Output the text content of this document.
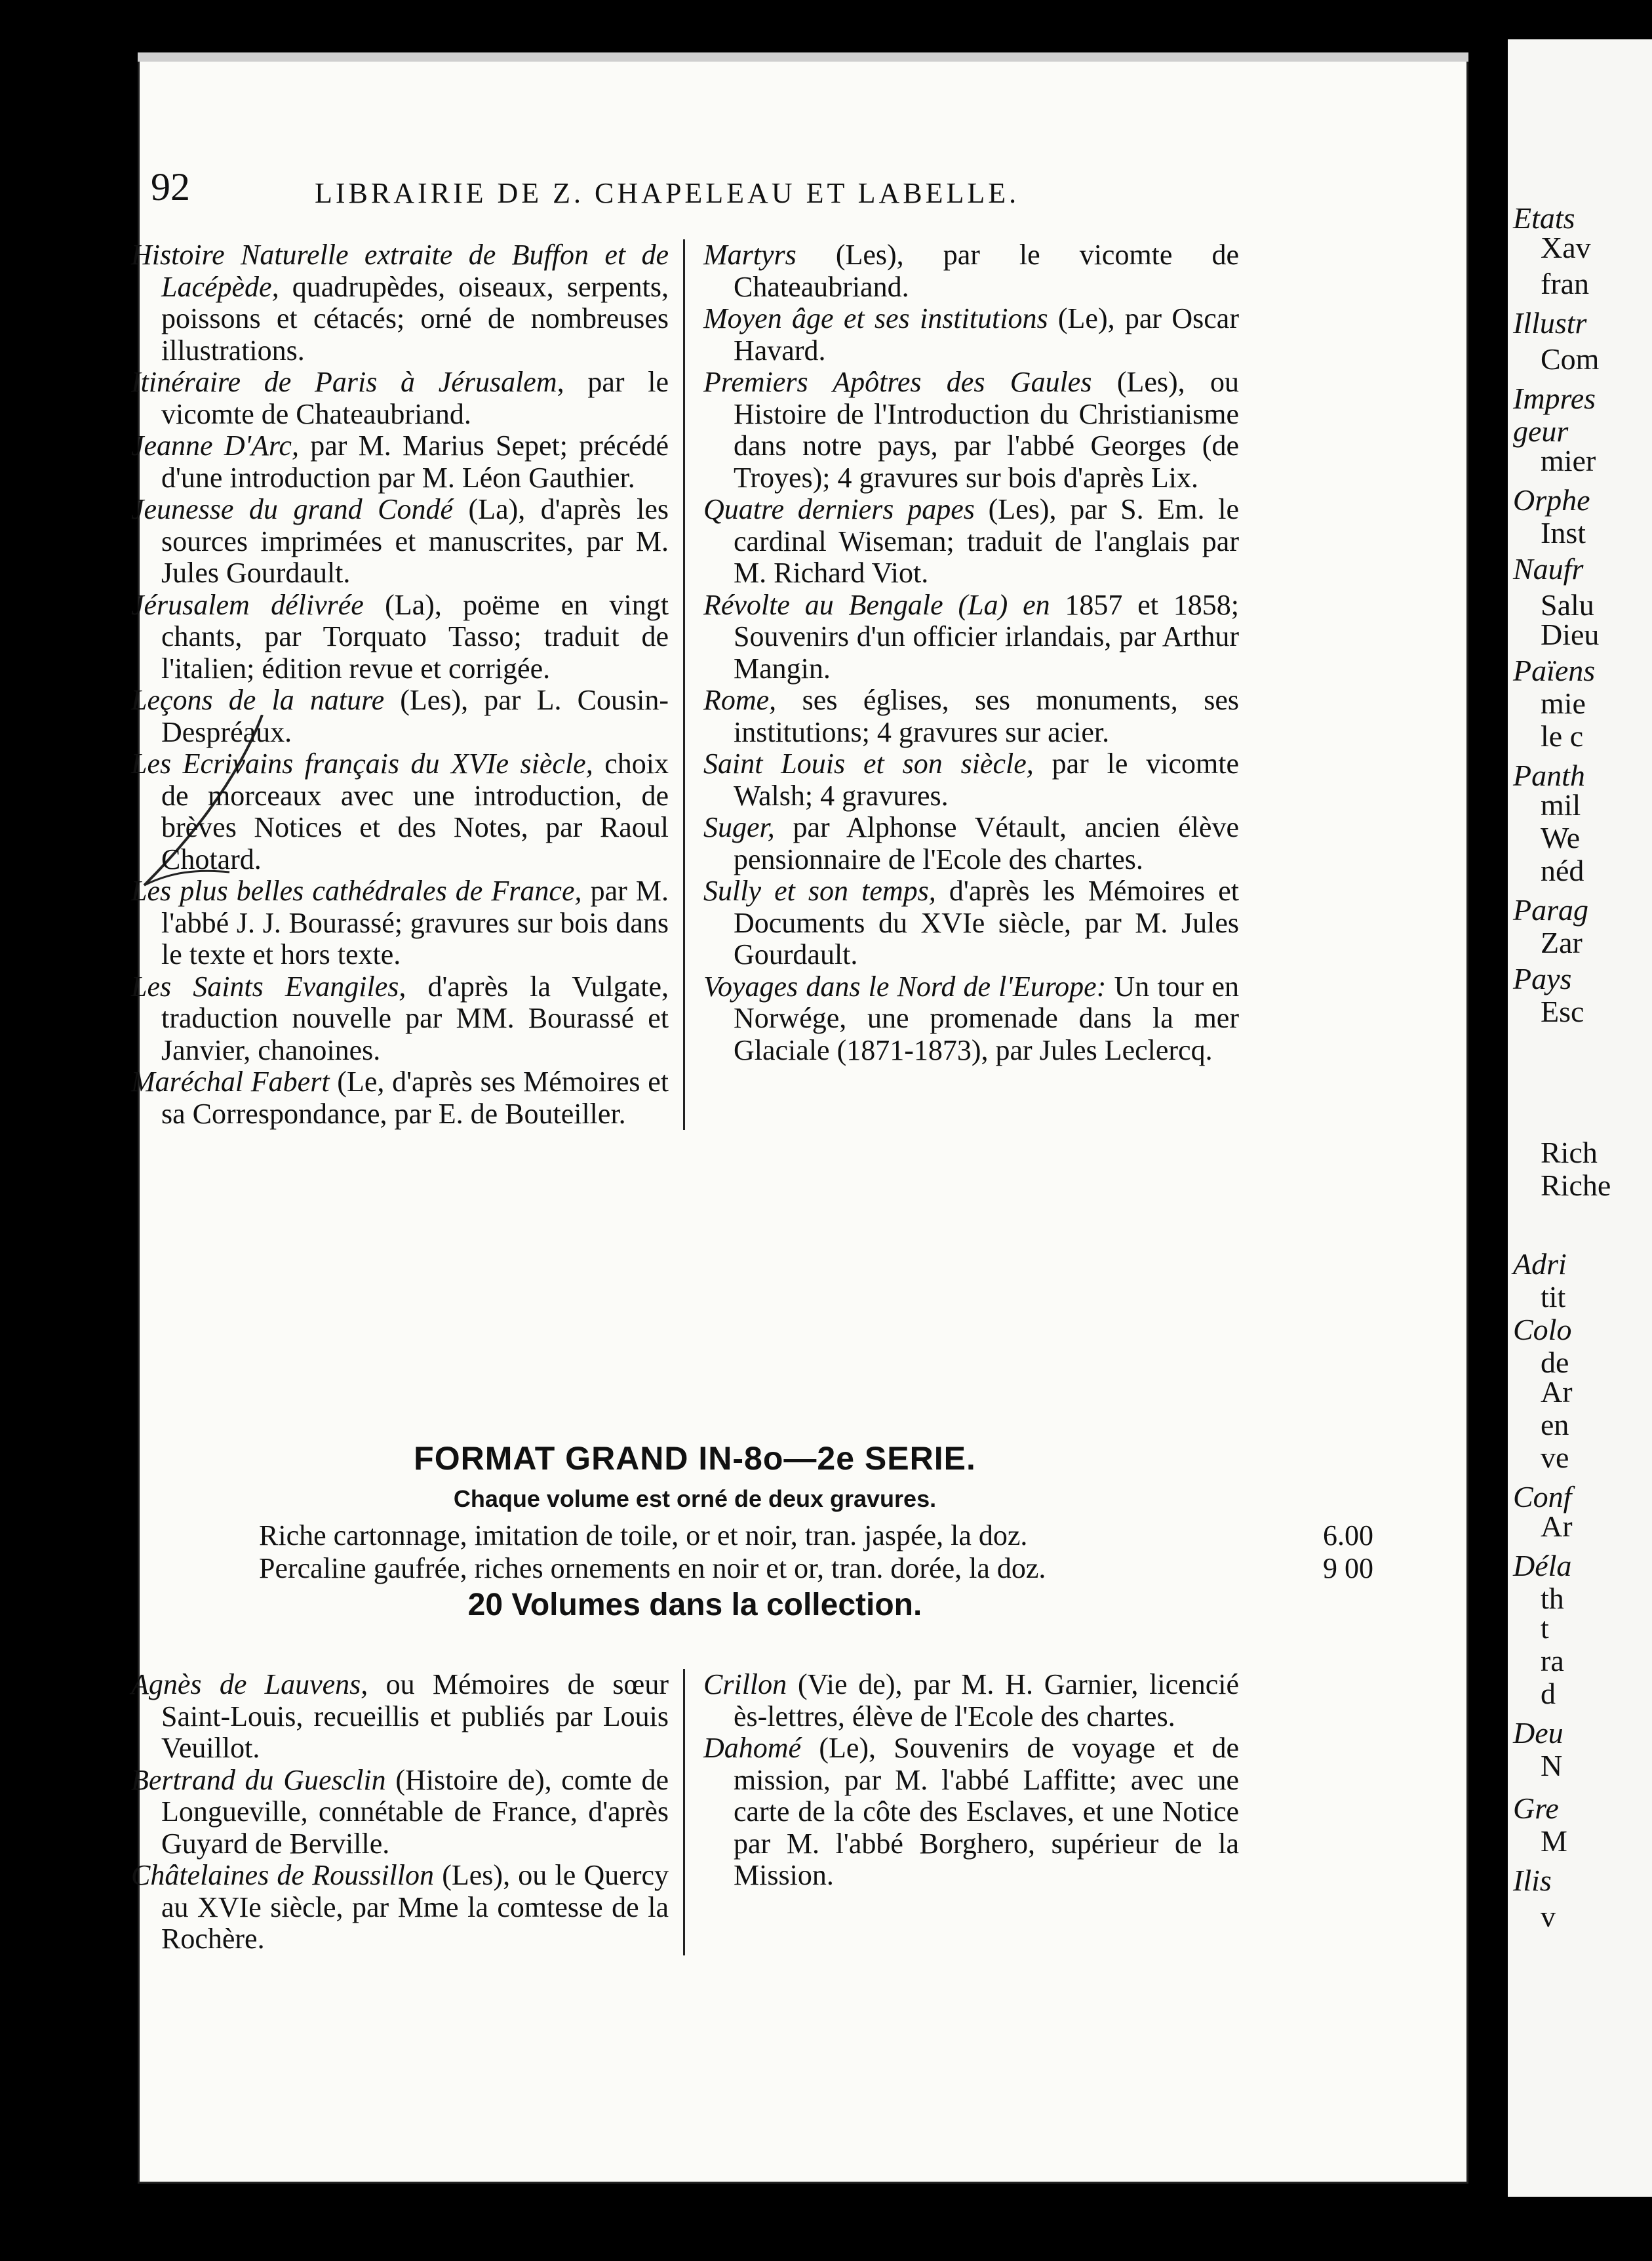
92	LIBRAIRIE DE Z. CHAPELEAU ET LABELLE.

Histoire Naturelle extraite de Buffon et de Lacépède, quadrupèdes, oiseaux, serpents, poissons et cétacés; orné de nombreuses illustrations.

Itinéraire de Paris à Jérusalem, par le vicomte de Chateaubriand.

Jeanne D'Arc, par M. Marius Sepet; précédé d'une introduction par M. Léon Gauthier.

Jeunesse du grand Condé (La), d'après les sources imprimées et manuscrites, par M. Jules Gourdault.

Jérusalem délivrée (La), poëme en vingt chants, par Torquato Tasso; traduit de l'italien; édition revue et corrigée.

Leçons de la nature (Les), par L. Cousin-Despréaux.

Les Ecrivains français du XVIe siècle, choix de morceaux avec une introduction, de brèves Notices et des Notes, par Raoul Chotard.

Les plus belles cathédrales de France, par M. l'abbé J. J. Bourassé; gravures sur bois dans le texte et hors texte.

Les Saints Evangiles, d'après la Vulgate, traduction nouvelle par MM. Bourassé et Janvier, chanoines.

Maréchal Fabert (Le, d'après ses Mémoires et sa Correspondance, par E. de Bouteiller.

Martyrs (Les), par le vicomte de Chateaubriand.

Moyen âge et ses institutions (Le), par Oscar Havard.

Premiers Apôtres des Gaules (Les), ou Histoire de l'Introduction du Christianisme dans notre pays, par l'abbé Georges (de Troyes); 4 gravures sur bois d'après Lix.

Quatre derniers papes (Les), par S. Em. le cardinal Wiseman; traduit de l'anglais par M. Richard Viot.

Révolte au Bengale (La) en 1857 et 1858; Souvenirs d'un officier irlandais, par Arthur Mangin.

Rome, ses églises, ses monuments, ses institutions; 4 gravures sur acier.

Saint Louis et son siècle, par le vicomte Walsh; 4 gravures.

Suger, par Alphonse Vétault, ancien élève pensionnaire de l'Ecole des chartes.

Sully et son temps, d'après les Mémoires et Documents du XVIe siècle, par M. Jules Gourdault.

Voyages dans le Nord de l'Europe: Un tour en Norwége, une promenade dans la mer Glaciale (1871-1873), par Jules Leclercq.

FORMAT GRAND IN-8o—2e SERIE.
Chaque volume est orné de deux gravures.
Riche cartonnage, imitation de toile, or et noir, tran. jaspée, la doz.	6.00
Percaline gaufrée, riches ornements en noir et or, tran. dorée, la doz.	9 00
20 Volumes dans la collection.

Agnès de Lauvens, ou Mémoires de sœur Saint-Louis, recueillis et publiés par Louis Veuillot.

Bertrand du Guesclin (Histoire de), comte de Longueville, connétable de France, d'après Guyard de Berville.

Châtelaines de Roussillon (Les), ou le Quercy au XVIe siècle, par Mme la comtesse de la Rochère.

Crillon (Vie de), par M. H. Garnier, licencié ès-lettres, élève de l'Ecole des chartes.

Dahomé (Le), Souvenirs de voyage et de mission, par M. l'abbé Laffitte; avec une carte de la côte des Esclaves, et une Notice par M. l'abbé Borghero, supérieur de la Mission.

Etats
Xav
fran
Illustr
Com
Impres
geur
mier
Orphe
Inst
Naufr
Salu
Dieu
Païens
mie
le c
Panth
mil
We
néd
Parag
Zar
Pays
Esc
Rich
Riche
Adri
tit
Colo
de
Ar
en
ve
Conf
Ar
Déla
th
t
ra
d
Deu
N
Gre
M
Ilis
v
